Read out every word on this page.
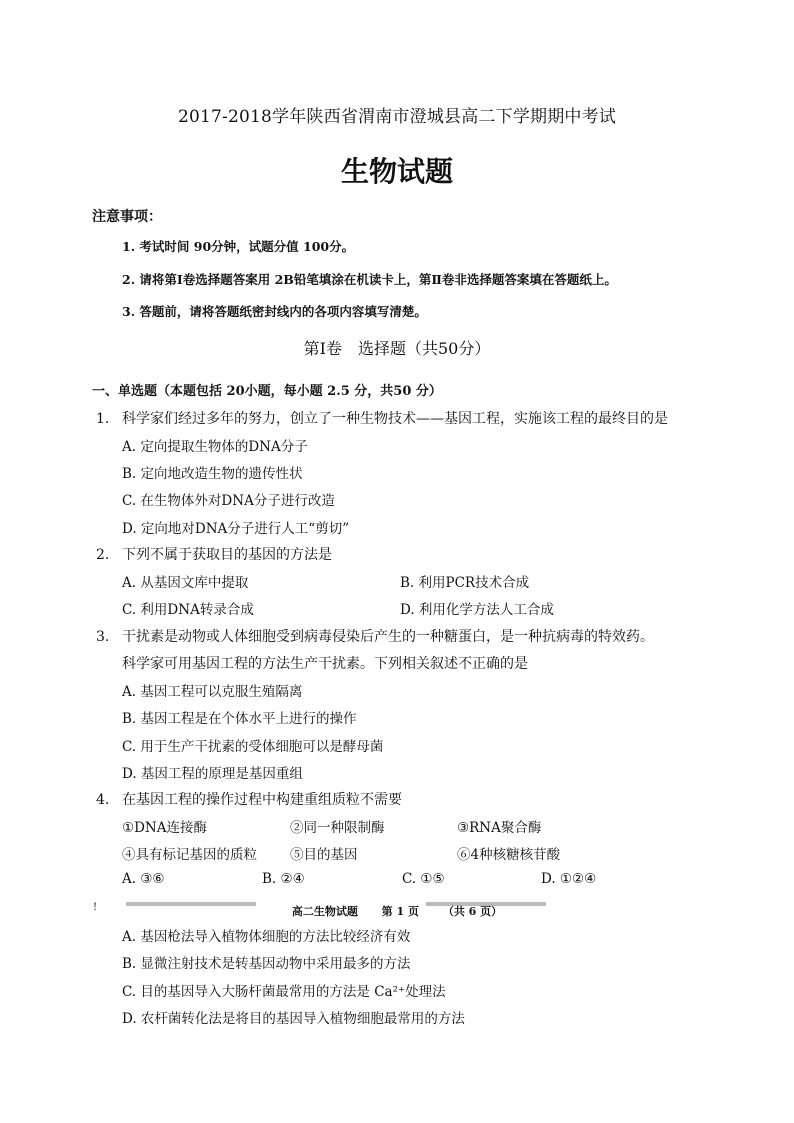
2017-2018学年陕西省渭南市澄城县高二下学期期中考试
生物试题
注意事项：
1. 考试时间 90分钟，试题分值 100分。
2. 请将第Ⅰ卷选择题答案用 2B铅笔填涂在机读卡上，第Ⅱ卷非选择题答案填在答题纸上。
3. 答题前，请将答题纸密封线内的各项内容填写清楚。
第Ⅰ卷　选择题（共50分）
一、单选题（本题包括 20小题，每小题 2.5 分，共50 分）
1. 科学家们经过多年的努力，创立了一种生物技术——基因工程，实施该工程的最终目的是
A. 定向提取生物体的DNA分子
B. 定向地改造生物的遗传性状
C. 在生物体外对DNA分子进行改造
D. 定向地对DNA分子进行人工“剪切”
2. 下列不属于获取目的基因的方法是
A. 从基因文库中提取	B. 利用PCR技术合成
C. 利用DNA转录合成	D. 利用化学方法人工合成
3. 干扰素是动物或人体细胞受到病毒侵染后产生的一种糖蛋白，是一种抗病毒的特效药。
科学家可用基因工程的方法生产干扰素。下列相关叙述不正确的是
A. 基因工程可以克服生殖隔离
B. 基因工程是在个体水平上进行的操作
C. 用于生产干扰素的受体细胞可以是酵母菌
D. 基因工程的原理是基因重组
4. 在基因工程的操作过程中构建重组质粒不需要
①DNA连接酶	②同一种限制酶	③RNA聚合酶
④具有标记基因的质粒 ⑤目的基因	⑥4种核糖核苷酸
A. ③⑥	B. ②④	C. ①⑤	D. ①②④
!	高二生物试题 第 1 页 （共 6 页）
A. 基因枪法导入植物体细胞的方法比较经济有效
B. 显微注射技术是转基因动物中采用最多的方法
C. 目的基因导入大肠杆菌最常用的方法是 Ca²⁺处理法
D. 农杆菌转化法是将目的基因导入植物细胞最常用的方法
